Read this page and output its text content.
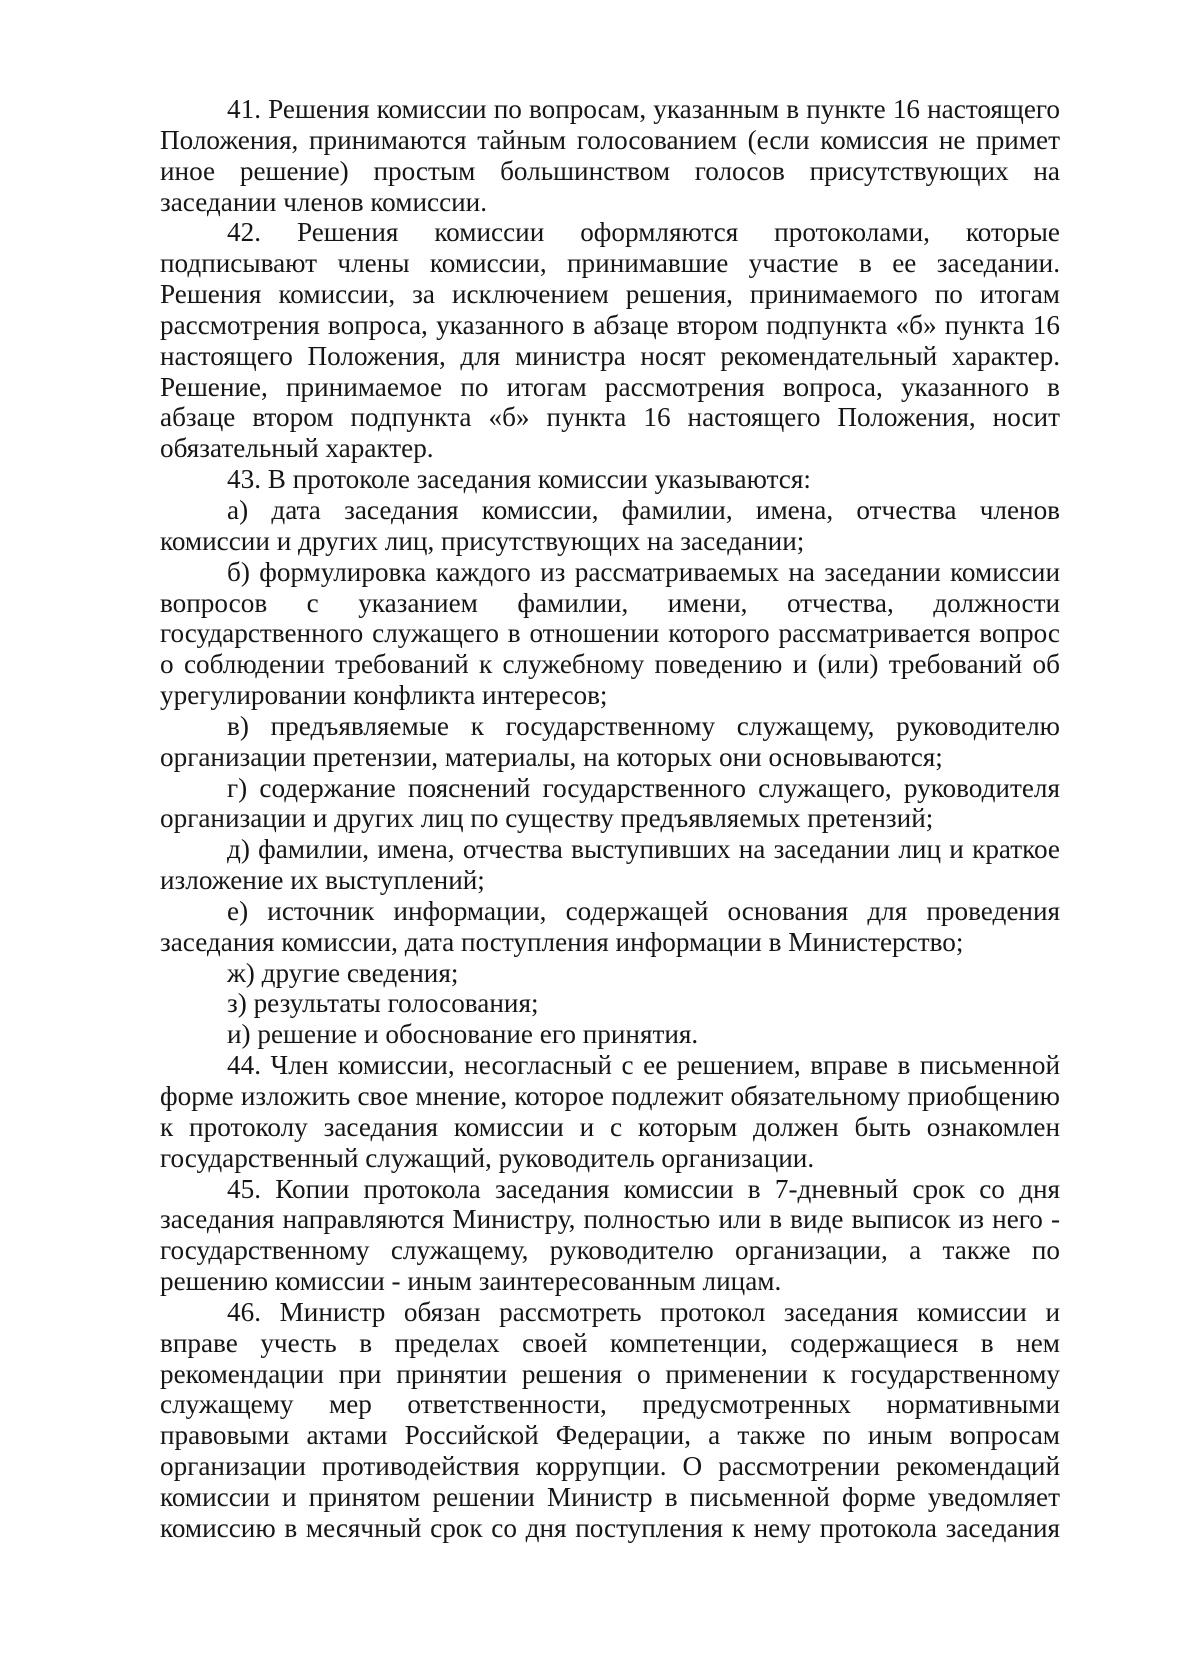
41. Решения комиссии по вопросам, указанным в пункте 16 настоящего Положения, принимаются тайным голосованием (если комиссия не примет иное решение) простым большинством голосов присутствующих на заседании членов комиссии.

42. Решения комиссии оформляются протоколами, которые подписывают члены комиссии, принимавшие участие в ее заседании. Решения комиссии, за исключением решения, принимаемого по итогам рассмотрения вопроса, указанного в абзаце втором подпункта «б» пункта 16 настоящего Положения, для министра носят рекомендательный характер. Решение, принимаемое по итогам рассмотрения вопроса, указанного в абзаце втором подпункта «б» пункта 16 настоящего Положения, носит обязательный характер.

43. В протоколе заседания комиссии указываются:

а) дата заседания комиссии, фамилии, имена, отчества членов комиссии и других лиц, присутствующих на заседании;

б) формулировка каждого из рассматриваемых на заседании комиссии вопросов с указанием фамилии, имени, отчества, должности государственного служащего в отношении которого рассматривается вопрос о соблюдении требований к служебному поведению и (или) требований об урегулировании конфликта интересов;

в) предъявляемые к государственному служащему, руководителю организации претензии, материалы, на которых они основываются;

г) содержание пояснений государственного служащего, руководителя организации и других лиц по существу предъявляемых претензий;

д) фамилии, имена, отчества выступивших на заседании лиц и краткое изложение их выступлений;

е) источник информации, содержащей основания для проведения заседания комиссии, дата поступления информации в Министерство;

ж) другие сведения;

з) результаты голосования;

и) решение и обоснование его принятия.

44. Член комиссии, несогласный с ее решением, вправе в письменной форме изложить свое мнение, которое подлежит обязательному приобщению к протоколу заседания комиссии и с которым должен быть ознакомлен государственный служащий, руководитель организации.

45. Копии протокола заседания комиссии в 7-дневный срок со дня заседания направляются Министру, полностью или в виде выписок из него - государственному служащему, руководителю организации, а также по решению комиссии - иным заинтересованным лицам.

46. Министр обязан рассмотреть протокол заседания комиссии и вправе учесть в пределах своей компетенции, содержащиеся в нем рекомендации при принятии решения о применении к государственному служащему мер ответственности, предусмотренных нормативными правовыми актами Российской Федерации, а также по иным вопросам организации противодействия коррупции. О рассмотрении рекомендаций комиссии и принятом решении Министр в письменной форме уведомляет комиссию в месячный срок со дня поступления к нему протокола заседания
